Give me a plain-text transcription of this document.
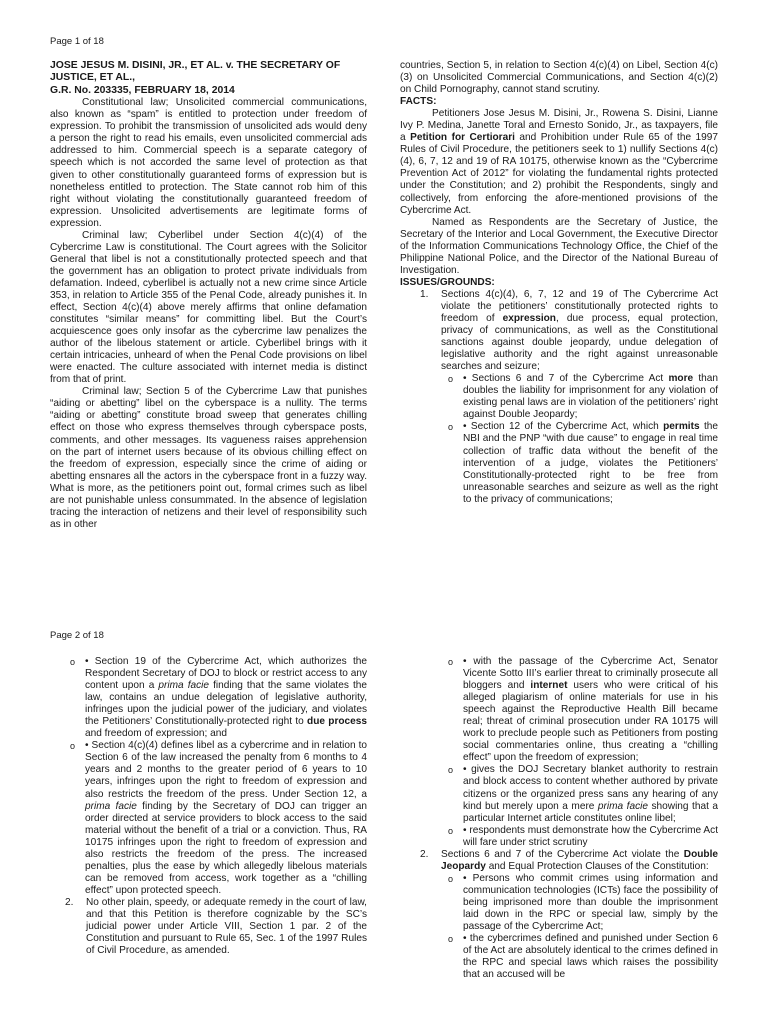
Page 1 of 18

JOSE JESUS M. DISINI, JR., ET AL. v. THE SECRETARY OF JUSTICE, ET AL.,
G.R. No. 203335, FEBRUARY 18, 2014

Constitutional law; Unsolicited commercial communications, also known as “spam” is entitled to protection under freedom of expression. To prohibit the transmission of unsolicited ads would deny a person the right to read his emails, even unsolicited commercial ads addressed to him. Commercial speech is a separate category of speech which is not accorded the same level of protection as that given to other constitutionally guaranteed forms of expression but is nonetheless entitled to protection. The State cannot rob him of this right without violating the constitutionally guaranteed freedom of expression. Unsolicited advertisements are legitimate forms of expression.

Criminal law; Cyberlibel under Section 4(c)(4) of the Cybercrime Law is constitutional. The Court agrees with the Solicitor General that libel is not a constitutionally protected speech and that the government has an obligation to protect private individuals from defamation. Indeed, cyberlibel is actually not a new crime since Article 353, in relation to Article 355 of the Penal Code, already punishes it. In effect, Section 4(c)(4) above merely affirms that online defamation constitutes “similar means” for committing libel. But the Court’s acquiescence goes only insofar as the cybercrime law penalizes the author of the libelous statement or article. Cyberlibel brings with it certain intricacies, unheard of when the Penal Code provisions on libel were enacted. The culture associated with internet media is distinct from that of print.

Criminal law; Section 5 of the Cybercrime Law that punishes “aiding or abetting” libel on the cyberspace is a nullity. The terms “aiding or abetting” constitute broad sweep that generates chilling effect on those who express themselves through cyberspace posts, comments, and other messages. Its vagueness raises apprehension on the part of internet users because of its obvious chilling effect on the freedom of expression, especially since the crime of aiding or abetting ensnares all the actors in the cyberspace front in a fuzzy way. What is more, as the petitioners point out, formal crimes such as libel are not punishable unless consummated. In the absence of legislation tracing the interaction of netizens and their level of responsibility such as in other

countries, Section 5, in relation to Section 4(c)(4) on Libel, Section 4(c)(3) on Unsolicited Commercial Communications, and Section 4(c)(2) on Child Pornography, cannot stand scrutiny.

FACTS:

Petitioners Jose Jesus M. Disini, Jr., Rowena S. Disini, Lianne Ivy P. Medina, Janette Toral and Ernesto Sonido, Jr., as taxpayers, file a Petition for Certiorari and Prohibition under Rule 65 of the 1997 Rules of Civil Procedure, the petitioners seek to 1) nullify Sections 4(c)(4), 6, 7, 12 and 19 of RA 10175, otherwise known as the “Cybercrime Prevention Act of 2012” for violating the fundamental rights protected under the Constitution; and 2) prohibit the Respondents, singly and collectively, from enforcing the afore-mentioned provisions of the Cybercrime Act.

Named as Respondents are the Secretary of Justice, the Secretary of the Interior and Local Government, the Executive Director of the Information Communications Technology Office, the Chief of the Philippine National Police, and the Director of the National Bureau of Investigation.

ISSUES/GROUNDS:

1. Sections 4(c)(4), 6, 7, 12 and 19 of The Cybercrime Act violate the petitioners’ constitutionally protected rights to freedom of expression, due process, equal protection, privacy of communications, as well as the Constitutional sanctions against double jeopardy, undue delegation of legislative authority and the right against unreasonable searches and seizure;
o • Sections 6 and 7 of the Cybercrime Act more than doubles the liability for imprisonment for any violation of existing penal laws are in violation of the petitioners’ right against Double Jeopardy;
o • Section 12 of the Cybercrime Act, which permits the NBI and the PNP “with due cause” to engage in real time collection of traffic data without the benefit of the intervention of a judge, violates the Petitioners’ Constitutionally-protected right to be free from unreasonable searches and seizure as well as the right to the privacy of communications;
Page 2 of 18
o • Section 19 of the Cybercrime Act, which authorizes the Respondent Secretary of DOJ to block or restrict access to any content upon a prima facie finding that the same violates the law, contains an undue delegation of legislative authority, infringes upon the judicial power of the judiciary, and violates the Petitioners’ Constitutionally-protected right to due process and freedom of expression; and
o • Section 4(c)(4) defines libel as a cybercrime and in relation to Section 6 of the law increased the penalty from 6 months to 4 years and 2 months to the greater period of 6 years to 10 years, infringes upon the right to freedom of expression and also restricts the freedom of the press. Under Section 12, a prima facie finding by the Secretary of DOJ can trigger an order directed at service providers to block access to the said material without the benefit of a trial or a conviction. Thus, RA 10175 infringes upon the right to freedom of expression and also restricts the freedom of the press. The increased penalties, plus the ease by which allegedly libelous materials can be removed from access, work together as a “chilling effect” upon protected speech.
2. No other plain, speedy, or adequate remedy in the court of law, and that this Petition is therefore cognizable by the SC’s judicial power under Article VIII, Section 1 par. 2 of the Constitution and pursuant to Rule 65, Sec. 1 of the 1997 Rules of Civil Procedure, as amended.
o • with the passage of the Cybercrime Act, Senator Vicente Sotto III’s earlier threat to criminally prosecute all bloggers and internet users who were critical of his alleged plagiarism of online materials for use in his speech against the Reproductive Health Bill became real; threat of criminal prosecution under RA 10175 will work to preclude people such as Petitioners from posting social commentaries online, thus creating a “chilling effect” upon the freedom of expression;
o • gives the DOJ Secretary blanket authority to restrain and block access to content whether authored by private citizens or the organized press sans any hearing of any kind but merely upon a mere prima facie showing that a particular Internet article constitutes online libel;
o • respondents must demonstrate how the Cybercrime Act will fare under strict scrutiny
2. Sections 6 and 7 of the Cybercrime Act violate the Double Jeopardy and Equal Protection Clauses of the Constitution:
o • Persons who commit crimes using information and communication technologies (ICTs) face the possibility of being imprisoned more than double the imprisonment laid down in the RPC or special law, simply by the passage of the Cybercrime Act;
o • the cybercrimes defined and punished under Section 6 of the Act are absolutely identical to the crimes defined in the RPC and special laws which raises the possibility that an accused will be
